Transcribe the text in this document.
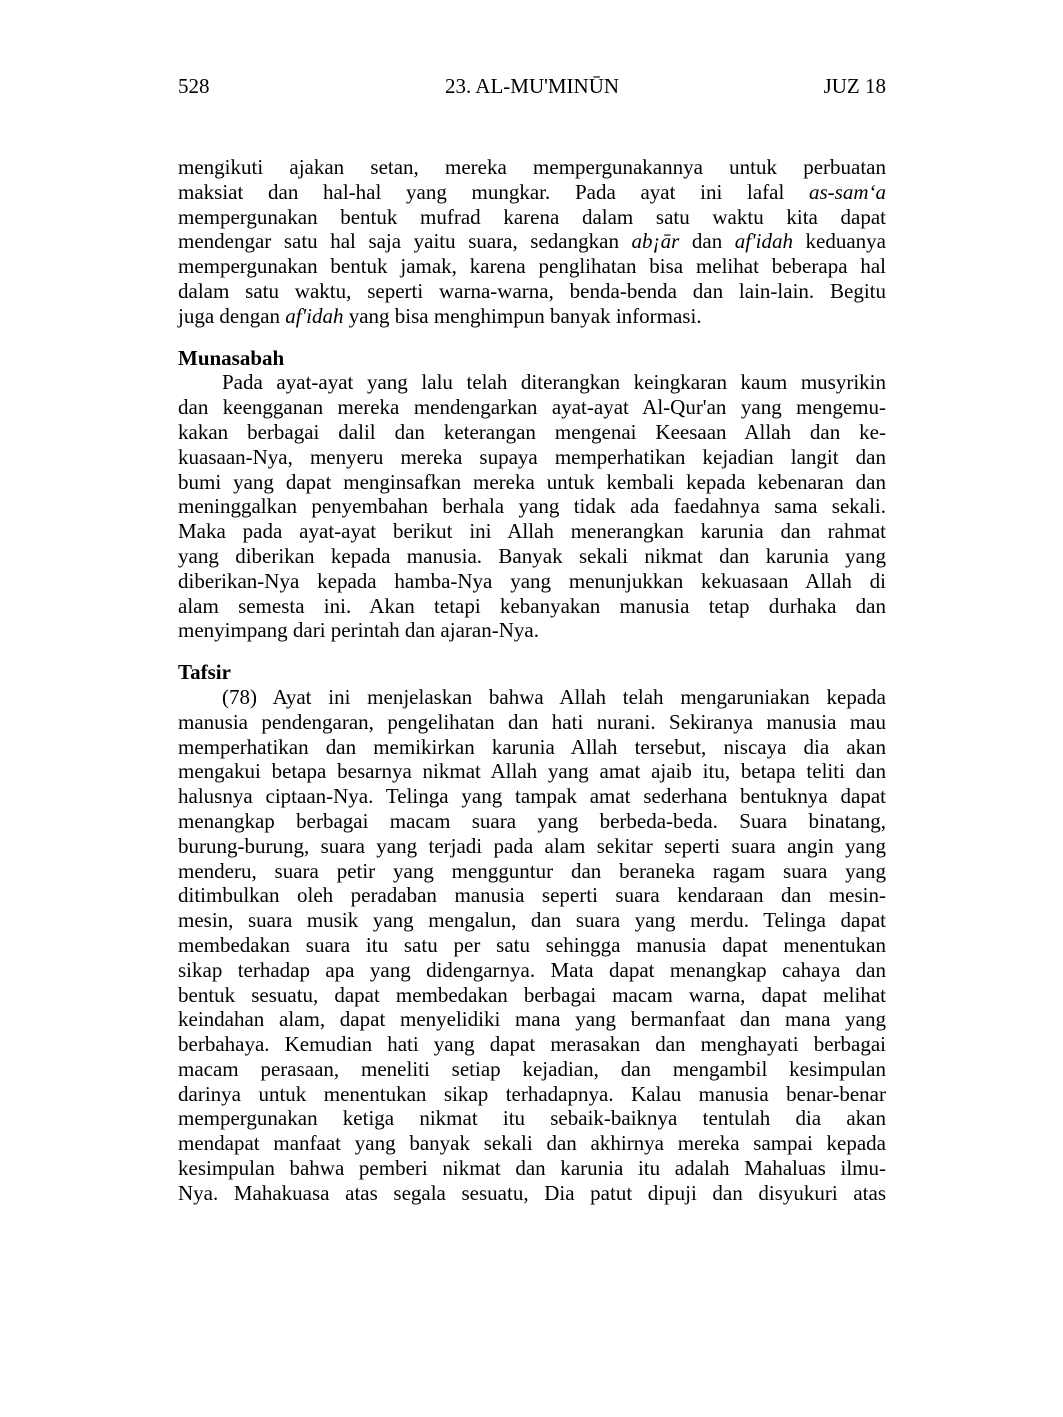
23. AL-MU'MINŪN
528	JUZ 18
mengikuti ajakan setan, mereka mempergunakannya untuk perbuatan
maksiat dan hal-hal yang mungkar. Pada ayat ini lafal as-sam‘a
mempergunakan bentuk mufrad karena dalam satu waktu kita dapat
mendengar satu hal saja yaitu suara, sedangkan ab¡ār dan af'idah keduanya
mempergunakan bentuk jamak, karena penglihatan bisa melihat beberapa hal
dalam satu waktu, seperti warna-warna, benda-benda dan lain-lain. Begitu
juga dengan af'idah yang bisa menghimpun banyak informasi.
Munasabah
Pada ayat-ayat yang lalu telah diterangkan keingkaran kaum musyrikin
dan keengganan mereka mendengarkan ayat-ayat Al-Qur'an yang mengemu-
kakan berbagai dalil dan keterangan mengenai Keesaan Allah dan ke-
kuasaan-Nya, menyeru mereka supaya memperhatikan kejadian langit dan
bumi yang dapat menginsafkan mereka untuk kembali kepada kebenaran dan
meninggalkan penyembahan berhala yang tidak ada faedahnya sama sekali.
Maka pada ayat-ayat berikut ini Allah menerangkan karunia dan rahmat
yang diberikan kepada manusia. Banyak sekali nikmat dan karunia yang
diberikan-Nya kepada hamba-Nya yang menunjukkan kekuasaan Allah di
alam semesta ini. Akan tetapi kebanyakan manusia tetap durhaka dan
menyimpang dari perintah dan ajaran-Nya.
Tafsir
(78) Ayat ini menjelaskan bahwa Allah telah mengaruniakan kepada
manusia pendengaran, pengelihatan dan hati nurani. Sekiranya manusia mau
memperhatikan dan memikirkan karunia Allah tersebut, niscaya dia akan
mengakui betapa besarnya nikmat Allah yang amat ajaib itu, betapa teliti dan
halusnya ciptaan-Nya. Telinga yang tampak amat sederhana bentuknya dapat
menangkap berbagai macam suara yang berbeda-beda. Suara binatang,
burung-burung, suara yang terjadi pada alam sekitar seperti suara angin yang
menderu, suara petir yang mengguntur dan beraneka ragam suara yang
ditimbulkan oleh peradaban manusia seperti suara kendaraan dan mesin-
mesin, suara musik yang mengalun, dan suara yang merdu. Telinga dapat
membedakan suara itu satu per satu sehingga manusia dapat menentukan
sikap terhadap apa yang didengarnya. Mata dapat menangkap cahaya dan
bentuk sesuatu, dapat membedakan berbagai macam warna, dapat melihat
keindahan alam, dapat menyelidiki mana yang bermanfaat dan mana yang
berbahaya. Kemudian hati yang dapat merasakan dan menghayati berbagai
macam perasaan, meneliti setiap kejadian, dan mengambil kesimpulan
darinya untuk menentukan sikap terhadapnya. Kalau manusia benar-benar
mempergunakan ketiga nikmat itu sebaik-baiknya tentulah dia akan
mendapat manfaat yang banyak sekali dan akhirnya mereka sampai kepada
kesimpulan bahwa pemberi nikmat dan karunia itu adalah Mahaluas ilmu-
Nya. Mahakuasa atas segala sesuatu, Dia patut dipuji dan disyukuri atas
